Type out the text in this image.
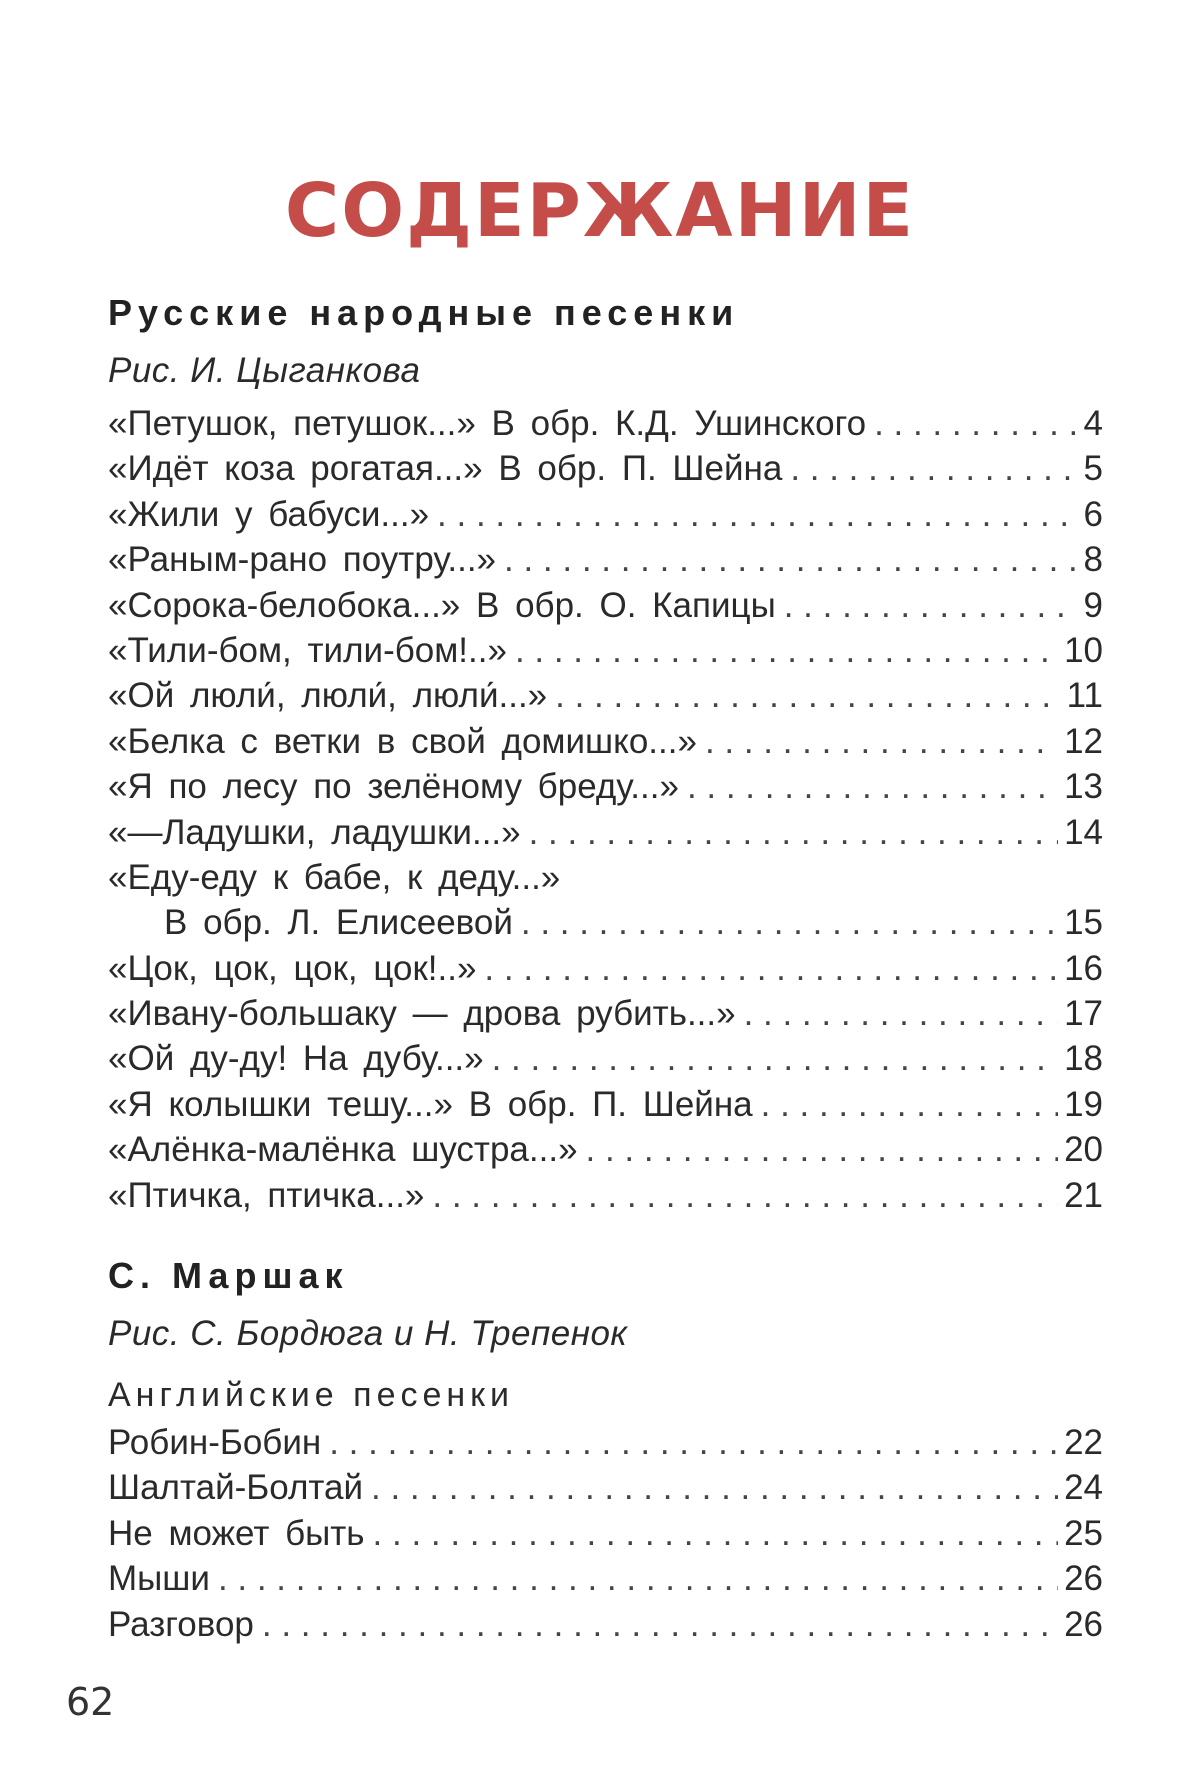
СОДЕРЖАНИЕ
Русские народные песенки
Рис. И. Цыганкова
«Петушок, петушок...» В обр. К.Д. Ушинского . . .	4
«Идёт коза рогатая...» В обр. П. Шейна . . .	5
«Жили у бабуси...» . . .	6
«Раным-рано поутру...» . . .	8
«Сорока-белобока...» В обр. О. Капицы . . .	9
«Тили-бом, тили-бом!..» . . .	10
«Ой люли́, люли́, люли́...» . . .	11
«Белка с ветки в свой домишко...» . . .	12
«Я по лесу по зелёному бреду...» . . .	13
«—Ладушки, ладушки...» . . .	14
«Еду-еду к бабе, к деду...»
В обр. Л. Елисеевой . . .	15
«Цок, цок, цок, цок!..» . . .	16
«Ивану-большаку — дрова рубить...» . . .	17
«Ой ду-ду! На дубу...» . . .	18
«Я колышки тешу...» В обр. П. Шейна . . .	19
«Алёнка-малёнка шустра...» . . .	20
«Птичка, птичка...» . . .	21
С. Маршак
Рис. С. Бордюга и Н. Трепенок
Английские песенки
Робин-Бобин . . .	22
Шалтай-Болтай . . .	24
Не может быть . . .	25
Мыши . . .	26
Разговор . . .	26
62
